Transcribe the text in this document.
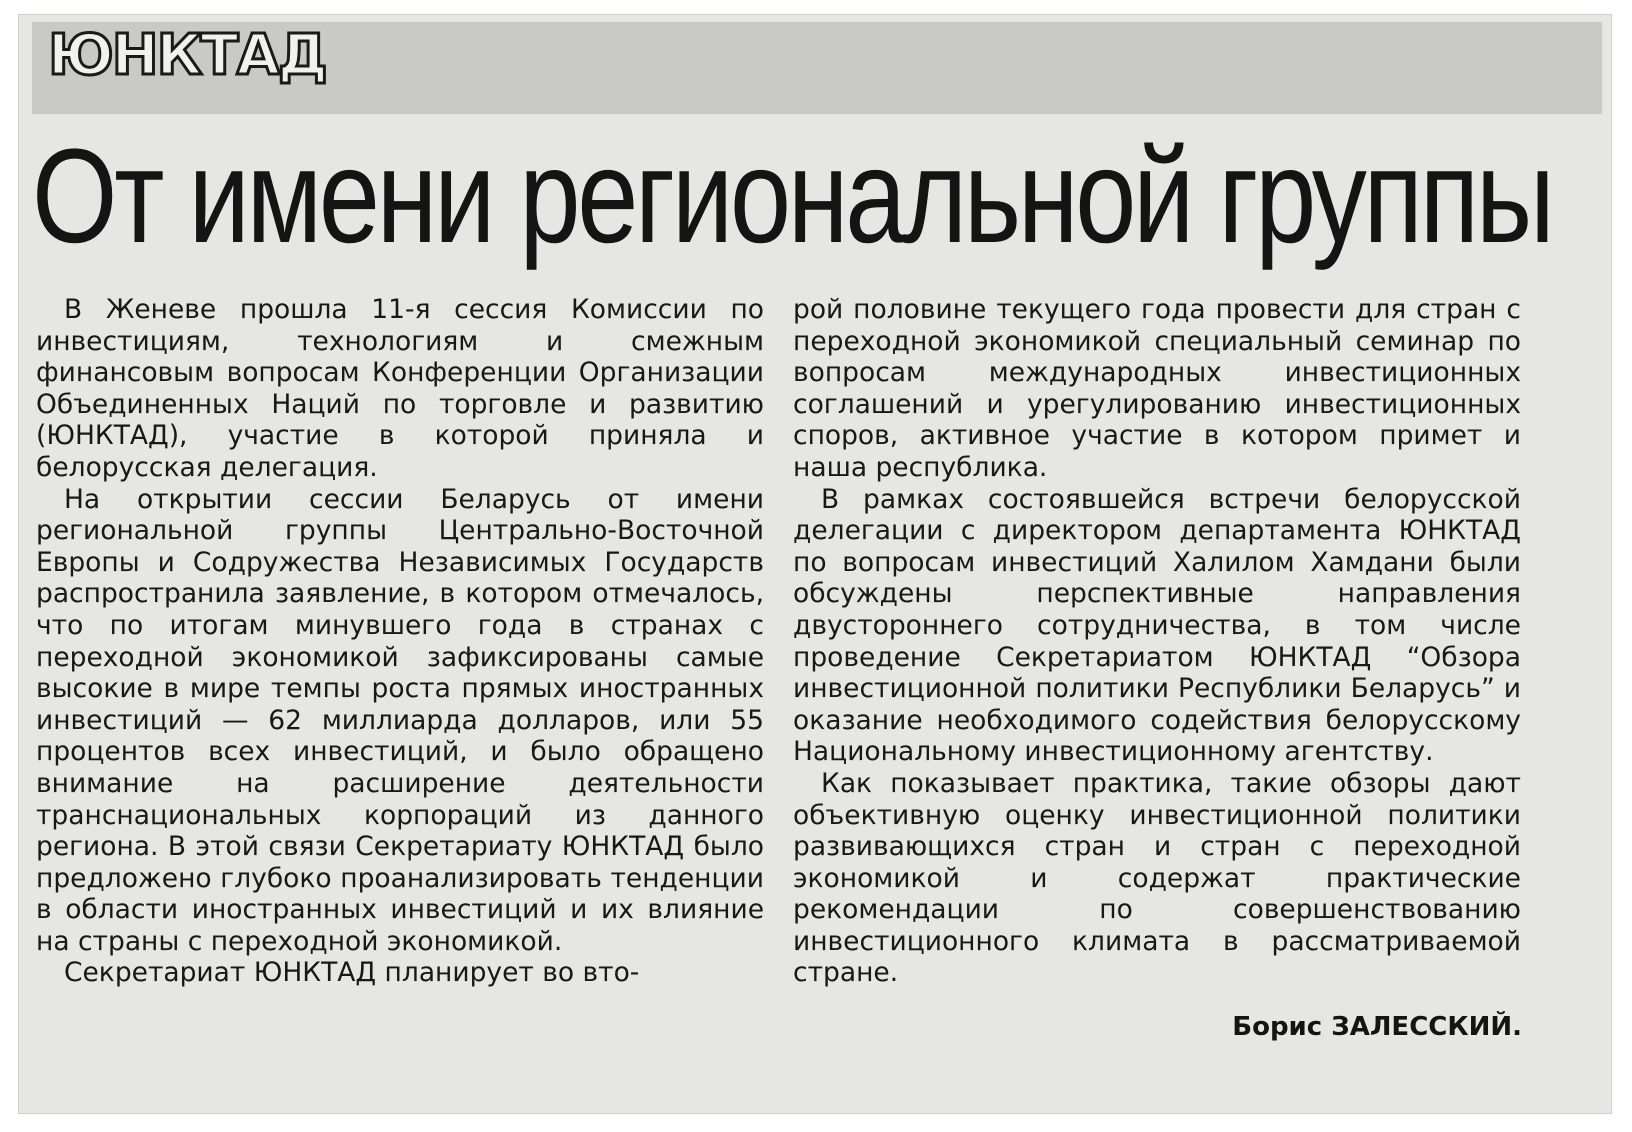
ЮНКТАД
От имени региональной группы

В Женеве прошла 11-я сессия Комиссии по инвестициям, технологиям и смежным финансовым вопросам Конференции Организации Объединенных Наций по торговле и развитию (ЮНКТАД), участие в которой приняла и белорусская делегация.

На открытии сессии Беларусь от имени региональной группы Центрально-Восточной Европы и Содружества Независимых Государств распространила заявление, в котором отмечалось, что по итогам минувшего года в странах с переходной экономикой зафиксированы самые высокие в мире темпы роста прямых иностранных инвестиций — 62 миллиарда долларов, или 55 процентов всех инвестиций, и было обращено внимание на расширение деятельности транснациональных корпораций из данного региона. В этой связи Секретариату ЮНКТАД было предложено глубоко проанализировать тенденции в области иностранных инвестиций и их влияние на страны с переходной экономикой.

Секретариат ЮНКТАД планирует во вто-

рой половине текущего года провести для стран с переходной экономикой специальный семинар по вопросам международных инвестиционных соглашений и урегулированию инвестиционных споров, активное участие в котором примет и наша республика.

В рамках состоявшейся встречи белорусской делегации с директором департамента ЮНКТАД по вопросам инвестиций Халилом Хамдани были обсуждены перспективные направления двустороннего сотрудничества, в том числе проведение Секретариатом ЮНКТАД “Обзора инвестиционной политики Республики Беларусь” и оказание необходимого содействия белорусскому Национальному инвестиционному агентству.

Как показывает практика, такие обзоры дают объективную оценку инвестиционной политики развивающихся стран и стран с переходной экономикой и содержат практические рекомендации по совершенствованию инвестиционного климата в рассматриваемой стране.

Борис ЗАЛЕССКИЙ.
